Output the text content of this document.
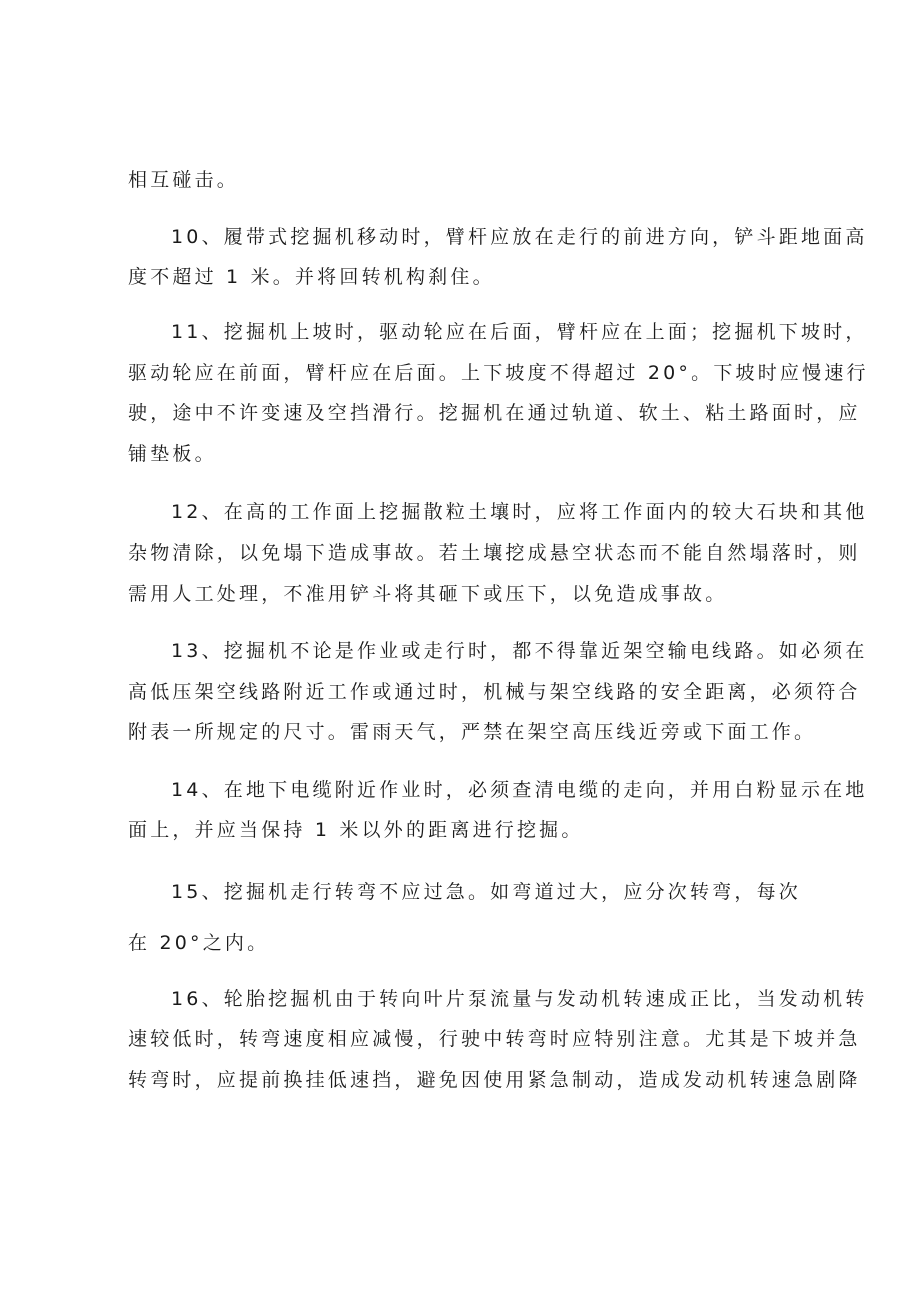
相互碰击。
10、履带式挖掘机移动时，臂杆应放在走行的前进方向，铲斗距地面高
度不超过 1 米。并将回转机构刹住。
11、挖掘机上坡时，驱动轮应在后面，臂杆应在上面；挖掘机下坡时，
驱动轮应在前面，臂杆应在后面。上下坡度不得超过 20°。下坡时应慢速行
驶，途中不许变速及空挡滑行。挖掘机在通过轨道、软土、粘土路面时，应
铺垫板。
12、在高的工作面上挖掘散粒土壤时，应将工作面内的较大石块和其他
杂物清除，以免塌下造成事故。若土壤挖成悬空状态而不能自然塌落时，则
需用人工处理，不准用铲斗将其砸下或压下，以免造成事故。
13、挖掘机不论是作业或走行时，都不得靠近架空输电线路。如必须在
高低压架空线路附近工作或通过时，机械与架空线路的安全距离，必须符合
附表一所规定的尺寸。雷雨天气，严禁在架空高压线近旁或下面工作。
14、在地下电缆附近作业时，必须查清电缆的走向，并用白粉显示在地
面上，并应当保持 1 米以外的距离进行挖掘。
15、挖掘机走行转弯不应过急。如弯道过大，应分次转弯，每次
在 20°之内。
16、轮胎挖掘机由于转向叶片泵流量与发动机转速成正比，当发动机转
速较低时，转弯速度相应减慢，行驶中转弯时应特别注意。尤其是下坡并急
转弯时，应提前换挂低速挡，避免因使用紧急制动，造成发动机转速急剧降
